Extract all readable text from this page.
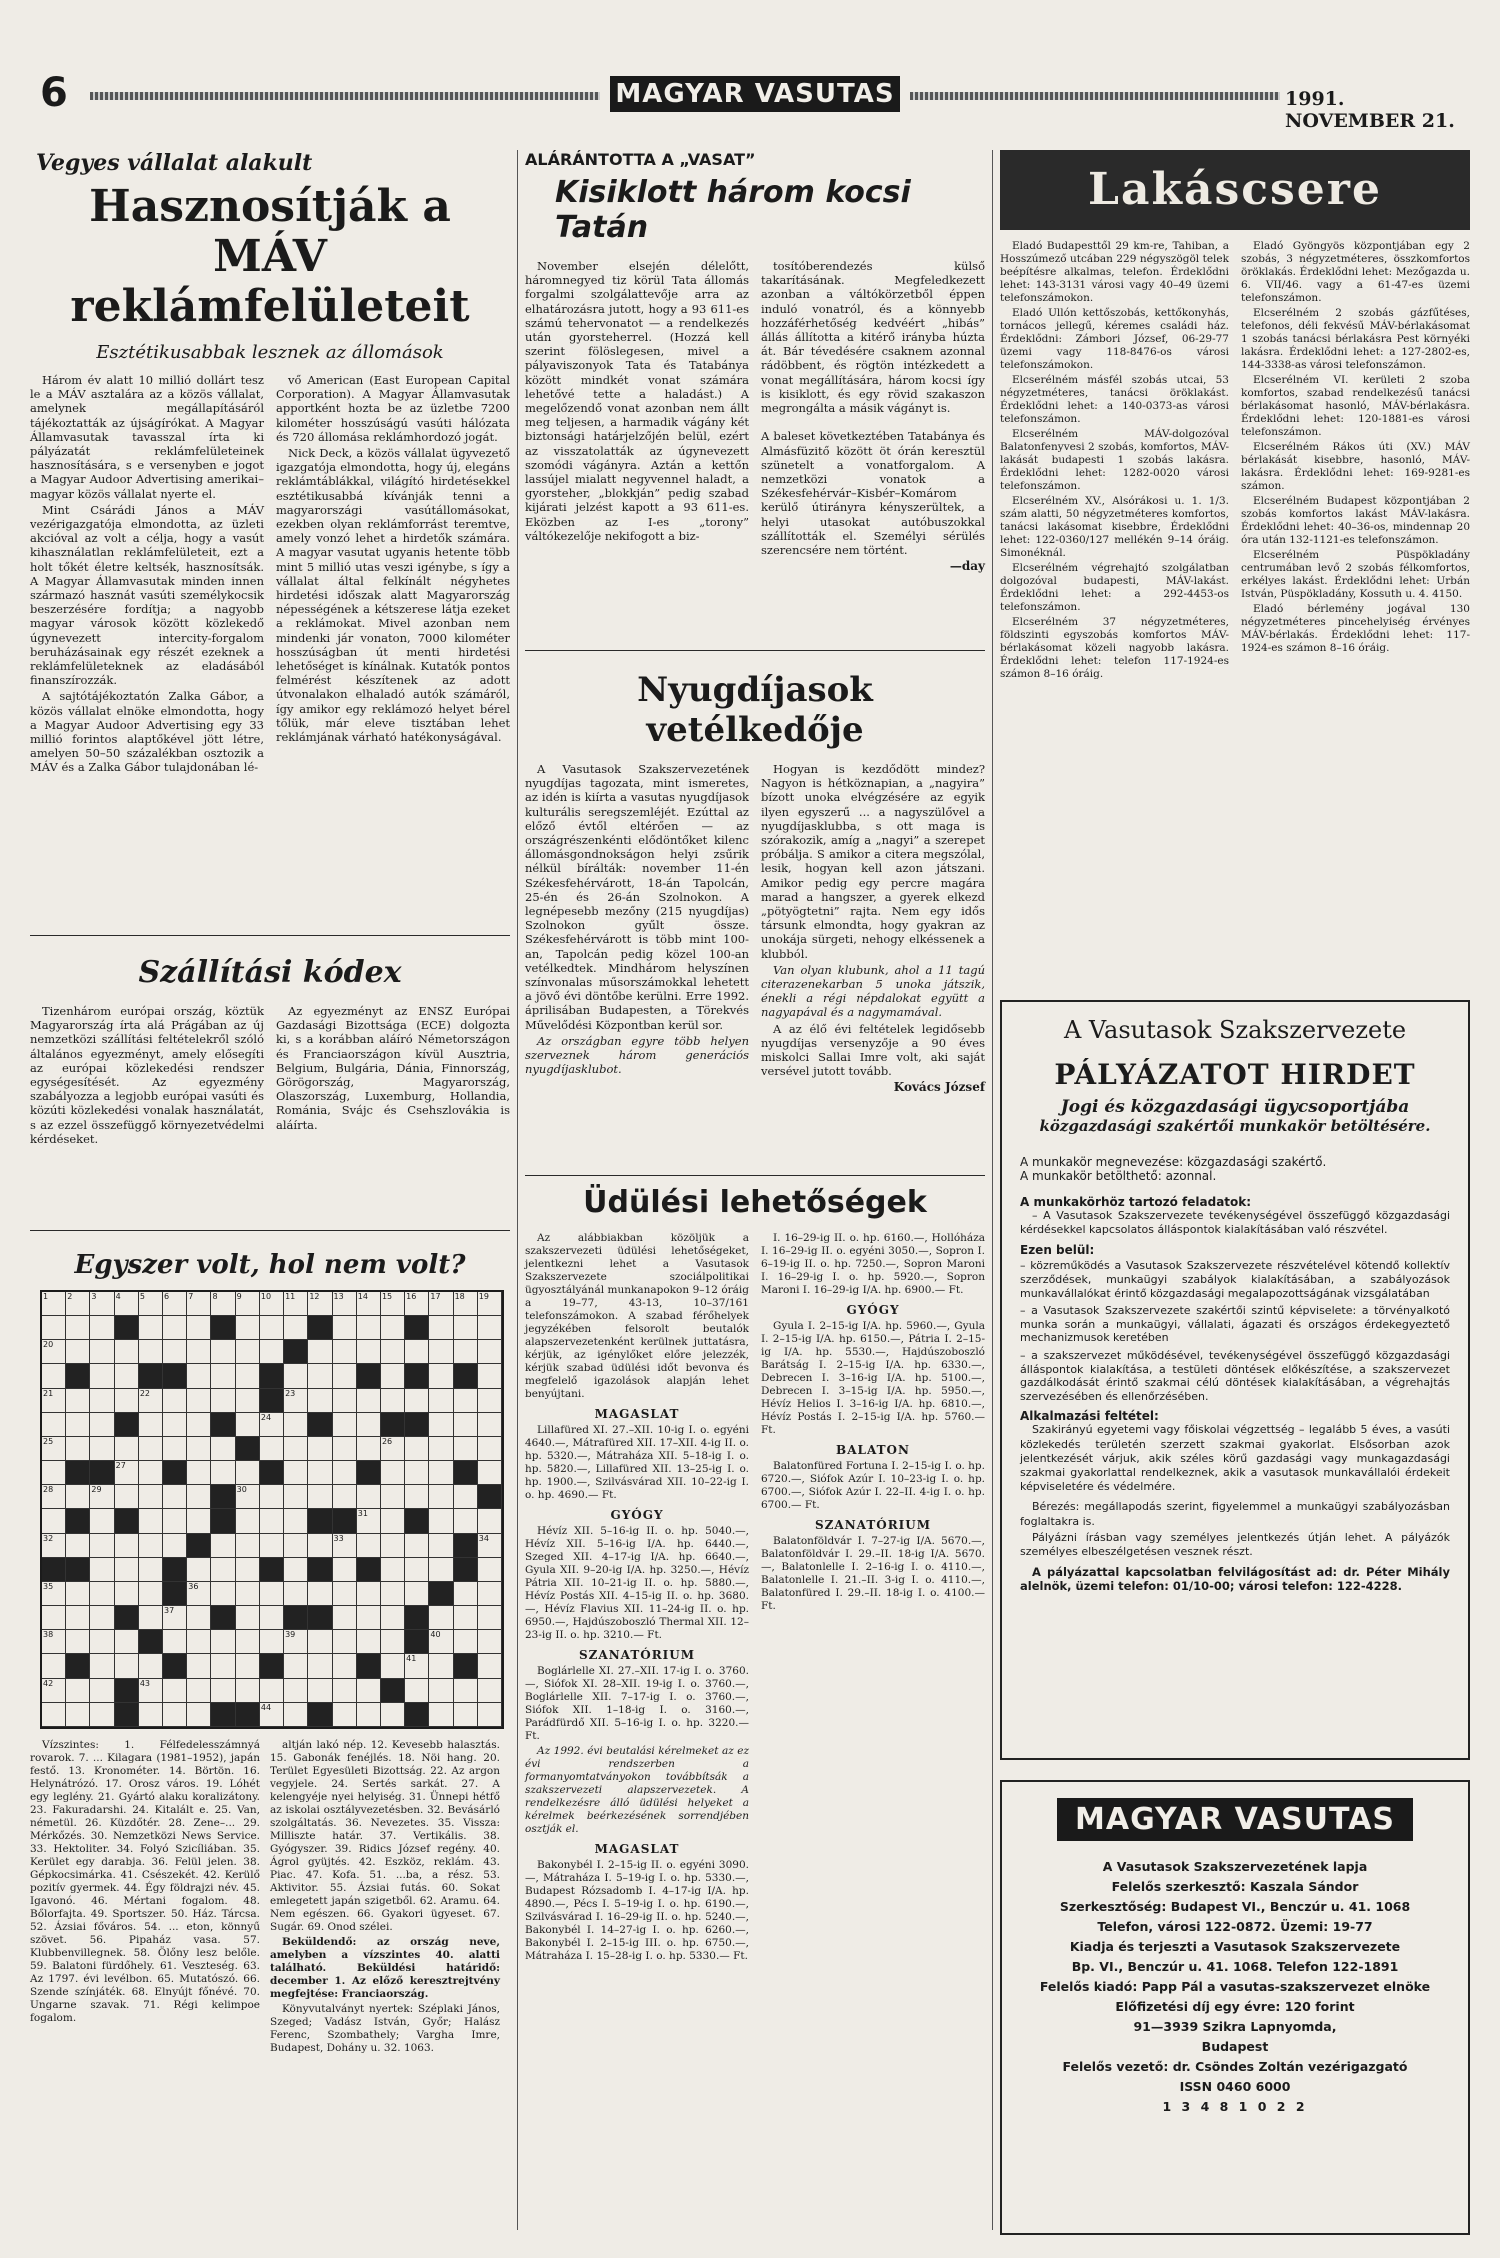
6	MAGYAR VASUTAS	1991. NOVEMBER 21.
Vegyes vállalat alakult
Hasznosítják a MÁV
reklámfelületeit
Esztétikusabbak lesznek az állomások

Három év alatt 10 millió dollárt tesz le a MÁV asztalára az a közös vállalat, amelynek megállapításáról tájékoztatták az újságírókat. A Magyar Államvasutak tavasszal írta ki pályázatát reklámfelületeinek hasznosítására, s e versenyben e jogot a Magyar Audoor Advertising amerikai–magyar közös vállalat nyerte el.

Mint Csárádi János a MÁV vezérigazgatója elmondotta, az üzleti akcióval az volt a célja, hogy a vasút kihasználatlan reklámfelületeit, ezt a holt tőkét életre keltsék, hasznosítsák. A Magyar Államvasutak minden innen származó hasznát vasúti személykocsik beszerzésére fordítja; a nagyobb magyar városok között közlekedő úgynevezett intercity-forgalom beruházásainak egy részét ezeknek a reklámfelületeknek az eladásából finanszírozzák.

A sajtótájékoztatón Zalka Gábor, a közös vállalat elnöke elmondotta, hogy a Magyar Audoor Advertising egy 33 millió forintos alaptőkével jött létre, amelyen 50–50 százalékban osztozik a MÁV és a Zalka Gábor tulajdonában lé-

vő American (East European Capital Corporation). A Magyar Államvasutak apportként hozta be az üzletbe 7200 kilométer hosszúságú vasúti hálózata és 720 állomása reklámhordozó jogát.

Nick Deck, a közös vállalat ügyvezető igazgatója elmondotta, hogy új, elegáns reklámtáblákkal, világító hirdetésekkel esztétikusabbá kívánják tenni a magyarországi vasútállomásokat, ezekben olyan reklámforrást teremtve, amely vonzó lehet a hirdetők számára. A magyar vasutat ugyanis hetente több mint 5 millió utas veszi igénybe, s így a vállalat által felkínált négyhetes hirdetési időszak alatt Magyarország népességének a kétszerese látja ezeket a reklámokat. Mivel azonban nem mindenki jár vonaton, 7000 kilométer hosszúságban út menti hirdetési lehetőséget is kínálnak. Kutatók pontos felmérést készítenek az adott útvonalakon elhaladó autók számáról, így amikor egy reklámozó helyet bérel tőlük, már eleve tisztában lehet reklámjának várható hatékonyságával.

Szállítási kódex

Tizenhárom európai ország, köztük Magyarország írta alá Prágában az új nemzetközi szállítási feltételekről szóló általános egyezményt, amely elősegíti az európai közlekedési rendszer egységesítését. Az egyezmény szabályozza a legjobb európai vasúti és közúti közlekedési vonalak használatát, s az ezzel összefüggő környezetvédelmi kérdéseket.

Az egyezményt az ENSZ Európai Gazdasági Bizottsága (ECE) dolgozta ki, s a korábban aláíró Németországon és Franciaországon kívül Ausztria, Belgium, Bulgária, Dánia, Finnország, Görögország, Magyarország, Olaszország, Luxemburg, Hollandia, Románia, Svájc és Csehszlovákia is aláírta.

Egyszer volt, hol nem volt?
1 2 3 4 5 6 7 8 9 10 11 12 13 14 15 16 17 18 19
20
21	22	23
24
25	26
27
28	29	30
31
32	33	34
35	36
37
38	39	40
41
42	43
44

Vízszintes: 1. Félfedelesszámnyá rovarok. 7. ... Kilagara (1981–1952), japán festő. 13. Kronométer. 14. Börtön. 16. Helynátrózó. 17. Orosz város. 19. Lóhét egy leglény. 21. Gyártó alaku koralizátony. 23. Fakuradarshi. 24. Kitalált e. 25. Van, németül. 26. Küzdőtér. 28. Zene–... 29. Mérkőzés. 30. Nemzetközi News Service. 33. Hektoliter. 34. Folyó Szicíliában. 35. Kerület egy darabja. 36. Felül jelen. 38. Gépkocsimárka. 41. Csészekét. 42. Kerülő pozitív gyermek. 44. Égy földrajzi név. 45. Igavonó. 46. Mértani fogalom. 48. Bőlorfajta. 49. Sportszer. 50. Ház. Tárcsa. 52. Ázsiai főváros. 54. ... eton, könnyű szövet. 56. Pipaház vasa. 57. Klubbenvillegnek. 58. Ölőny lesz belőle. 59. Balatoni fürdőhely. 61. Veszteség. 63. Az 1797. évi levélbon. 65. Mutatószó. 66. Szende színjáték. 68. Elnyújt főnévé. 70. Ungarne szavak. 71. Régi kelimpoe fogalom.

altján lakó nép. 12. Kevesebb halasztás. 15. Gabonák fenéjlés. 18. Nöi hang. 20. Terület Egyesületi Bizottság. 22. Az argon vegyjele. 24. Sertés sarkát. 27. A kelengyéje nyei helyiség. 31. Ünnepi hétfő az iskolai osztályvezetésben. 32. Bevásárló szolgáltatás. 36. Nevezetes. 35. Vissza: Milliszte határ. 37. Vertikális. 38. Gyógyszer. 39. Ridics József regény. 40. Ágrol gyüjtés. 42. Eszköz, reklám. 43. Piac. 47. Kofa. 51. ...ba, a rész. 53. Aktivitor. 55. Ázsiai futás. 60. Sokat emlegetett japán szigetből. 62. Aramu. 64. Nem egészen. 66. Gyakori ügyeset. 67. Sugár. 69. Onod szélei.

Beküldendő: az ország neve, amelyben a vízszintes 40. alatti található. Beküldési határidő: december 1. Az előző keresztrejtvény megfejtése: Franciaország.

Könyvutalványt nyertek: Széplaki János, Szeged; Vadász István, Győr; Halász Ferenc, Szombathely; Vargha Imre, Budapest, Dohány u. 32. 1063.

ALÁRÁNTOTTA A „VASAT”
Kisiklott három kocsi Tatán

November elsején délelőtt, háromnegyed tiz körül Tata állomás forgalmi szolgálattevője arra az elhatározásra jutott, hogy a 93 611-es számú tehervonatot — a rendelkezés után gyorsteherrel. (Hozzá kell szerint fölöslegesen, mivel a pályaviszonyok Tata és Tatabánya között mindkét vonat számára lehetővé tette a haladást.) A megelőzendő vonat azonban nem állt meg teljesen, a harmadik vágány két biztonsági határjelzőjén belül, ezért az visszatolatták az úgynevezett szomódi vágányra. Aztán a kettőn lassújel mialatt negyvennel haladt, a gyorsteher, „blokkján” pedig szabad kijárati jelzést kapott a 93 611-es. Eközben az I-es „torony” váltókezelője nekifogott a biz-

tosítóberendezés külső takarításának. Megfeledkezett azonban a váltókörzetből éppen induló vonatról, és a könnyebb hozzáférhetőség kedvéért „hibás” állás állította a kitérő irányba húzta át. Bár tévedésére csaknem azonnal rádöbbent, és rögtön intézkedett a vonat megállítására, három kocsi így is kisiklott, és egy rövid szakaszon megrongálta a másik vágányt is.

A baleset következtében Tatabánya és Almásfüzitő között öt órán keresztül szünetelt a vonatforgalom. A nemzetközi vonatok a Székesfehérvár–Kisbér–Komárom kerülő útirányra kényszerültek, a helyi utasokat autóbuszokkal szállították el. Személyi sérülés szerencsére nem történt.

—day
Nyugdíjasok vetélkedője

A Vasutasok Szakszervezetének nyugdíjas tagozata, mint ismeretes, az idén is kiírta a vasutas nyugdíjasok kulturális seregszemléjét. Ezúttal az előző évtől eltérően — az országrészenkénti elődöntőket kilenc állomásgondnokságon helyi zsűrik nélkül bírálták: november 11-én Székesfehérvárott, 18-án Tapolcán, 25-én és 26-án Szolnokon. A legnépesebb mezőny (215 nyugdíjas) Szolnokon gyűlt össze. Székesfehérvárott is több mint 100-an, Tapolcán pedig közel 100-an vetélkedtek. Mindhárom helyszínen színvonalas műsorszámokkal lehetett a jövő évi döntőbe kerülni. Erre 1992. áprilisában Budapesten, a Törekvés Művelődési Központban kerül sor.

Az országban egyre több helyen szerveznek három generációs nyugdíjasklubot.

Hogyan is kezdődött mindez? Nagyon is hétköznapian, a „nagyira” bízott unoka elvégzésére az egyik ilyen egyszerű ... a nagyszülővel a nyugdíjasklubba, s ott maga is szórakozik, amíg a „nagyi” a szerepet próbálja. S amikor a citera megszólal, lesik, hogyan kell azon játszani. Amikor pedig egy percre magára marad a hangszer, a gyerek elkezd „pötyögtetni” rajta. Nem egy idős társunk elmondta, hogy gyakran az unokája sürgeti, nehogy elkéssenek a klubból.

Van olyan klubunk, ahol a 11 tagú citerazenekarban 5 unoka játszik, énekli a régi népdalokat együtt a nagyapával és a nagymamával.

A az élő évi feltételek legidősebb nyugdíjas versenyzője a 90 éves miskolci Sallai Imre volt, aki saját versével jutott tovább.

Kovács József
Üdülési lehetőségek

Az alábbiakban közöljük a szakszervezeti üdülési lehetőségeket, jelentkezni lehet a Vasutasok Szakszervezete szociálpolitikai ügyosztályánál munkanapokon 9–12 óráig a 19–77, 43-13, 10–37/161 telefonszámokon. A szabad férőhelyek jegyzékében felsorolt beutalók alapszervezetenként kerülnek juttatásra, kérjük, az igénylőket előre jelezzék, kérjük szabad üdülési időt bevonva és megfelelő igazolások alapján lehet benyújtani.

MAGASLAT

Lillafüred XI. 27.–XII. 10-ig I. o. egyéni 4640.—, Mátrafüred XII. 17–XII. 4-ig II. o. hp. 5320.—, Mátraháza XII. 5–18-ig I. o. hp. 5820.—, Lillafüred XII. 13–25-ig I. o. hp. 1900.—, Szilvásvárad XII. 10–22-ig I. o. hp. 4690.— Ft.

GYÓGY

Hévíz XII. 5–16-ig II. o. hp. 5040.—, Hévíz XII. 5–16-ig I/A. hp. 6440.—, Szeged XII. 4–17-ig I/A. hp. 6640.—, Gyula XII. 9–20-ig I/A. hp. 3250.—, Hévíz Pátria XII. 10–21-ig II. o. hp. 5880.—, Hévíz Postás XII. 4–15-ig II. o. hp. 3680.—, Hévíz Flavius XII. 11–24-ig II. o. hp. 6950.—, Hajdúszoboszló Thermal XII. 12–23-ig II. o. hp. 3210.— Ft.

SZANATÓRIUM

Boglárlelle XI. 27.–XII. 17-ig I. o. 3760.—, Siófok XI. 28–XII. 19-ig I. o. 3760.—, Boglárlelle XII. 7–17-ig I. o. 3760.—, Siófok XII. 1–18-ig I. o. 3160.—, Parádfürdő XII. 5–16-ig I. o. hp. 3220.— Ft.

Az 1992. évi beutalási kérelmeket az ez évi rendszerben a formanyomtatványokon továbbítsák a szakszervezeti alapszervezetek. A rendelkezésre álló üdülési helyeket a kérelmek beérkezésének sorrendjében osztják el.

MAGASLAT

Bakonybél I. 2–15-ig II. o. egyéni 3090.—, Mátraháza I. 5–19-ig I. o. hp. 5330.—, Budapest Rózsadomb I. 4–17-ig I/A. hp. 4890.—, Pécs I. 5–19-ig I. o. hp. 6190.—, Szilvásvárad I. 16–29-ig II. o. hp. 5240.—, Bakonybél I. 14–27-ig I. o. hp. 6260.—, Bakonybél I. 2–15-ig III. o. hp. 6750.—, Mátraháza I. 15–28-ig I. o. hp. 5330.— Ft.

I. 16–29-ig II. o. hp. 6160.—, Hollóháza I. 16–29-ig II. o. egyéni 3050.—, Sopron I. 6–19-ig II. o. hp. 7250.—, Sopron Maroni I. 16–29-ig I. o. hp. 5920.—, Sopron Maroni I. 16–29-ig I/A. hp. 6900.— Ft.

GYÓGY

Gyula I. 2–15-ig I/A. hp. 5960.—, Gyula I. 2–15-ig I/A. hp. 6150.—, Pátria I. 2–15-ig I/A. hp. 5530.—, Hajdúszoboszló Barátság I. 2–15-ig I/A. hp. 6330.—, Debrecen I. 3–16-ig I/A. hp. 5100.—, Debrecen I. 3–15-ig I/A. hp. 5950.—, Hévíz Helios I. 3–16-ig I/A. hp. 6810.—, Hévíz Postás I. 2–15-ig I/A. hp. 5760.— Ft.

BALATON

Balatonfüred Fortuna I. 2–15-ig I. o. hp. 6720.—, Siófok Azúr I. 10–23-ig I. o. hp. 6700.—, Siófok Azúr I. 22–II. 4-ig I. o. hp. 6700.— Ft.

SZANATÓRIUM

Balatonföldvár I. 7–27-ig I/A. 5670.—, Balatonföldvár I. 29.–II. 18-ig I/A. 5670.—, Balatonlelle I. 2–16-ig I. o. 4110.—, Balatonlelle I. 21.–II. 3-ig I. o. 4110.—, Balatonfüred I. 29.–II. 18-ig I. o. 4100.— Ft.

Lakáscsere

Eladó Budapesttől 29 km-re, Tahiban, a Hosszúmező utcában 229 négyszögöl telek beépítésre alkalmas, telefon. Érdeklődni lehet: 143-3131 városi vagy 40–49 üzemi telefonszámokon.

Eladó Ullón kettőszobás, kettőkonyhás, tornácos jellegű, kéremes családi ház. Érdeklődni: Zámbori József, 06-29-77 üzemi vagy 118-8476-os városi telefonszámokon.

Elcserélném másfél szobás utcai, 53 négyzetméteres, tanácsi öröklakást. Érdeklődni lehet: a 140-0373-as városi telefonszámon.

Elcserélném MÁV-dolgozóval Balatonfenyvesi 2 szobás, komfortos, MÁV-lakását budapesti 1 szobás lakásra. Érdeklődni lehet: 1282-0020 városi telefonszámon.

Elcserélném XV., Alsórákosi u. 1. 1/3. szám alatti, 50 négyzetméteres komfortos, tanácsi lakásomat kisebbre, Érdeklődni lehet: 122-0360/127 mellékén 9–14 óráig. Simonéknál.

Elcserélném végrehajtó szolgálatban dolgozóval budapesti, MÁV-lakást. Érdeklődni lehet: a 292-4453-os telefonszámon.

Elcserélném 37 négyzetméteres, földszinti egyszobás komfortos MÁV-bérlakásomat közeli nagyobb lakásra. Érdeklődni lehet: telefon 117-1924-es számon 8–16 óráig.

Eladó Gyöngyös központjában egy 2 szobás, 3 négyzetméteres, összkomfortos öröklakás. Érdeklődni lehet: Mezőgazda u. 6. VII/46. vagy a 61-47-es üzemi telefonszámon.

Elcserélném 2 szobás gázfűtéses, telefonos, déli fekvésű MÁV-bérlakásomat 1 szobás tanácsi bérlakásra Pest környéki lakásra. Érdeklődni lehet: a 127-2802-es, 144-3338-as városi telefonszámon.

Elcserélném VI. kerületi 2 szoba komfortos, szabad rendelkezésű tanácsi bérlakásomat hasonló, MÁV-bérlakásra. Érdeklődni lehet: 120-1881-es városi telefonszámon.

Elcserélném Rákos úti (XV.) MÁV bérlakását kisebbre, hasonló, MÁV-lakásra. Érdeklődni lehet: 169-9281-es számon.

Elcserélném Budapest központjában 2 szobás komfortos lakást MÁV-lakásra. Érdeklődni lehet: 40–36-os, mindennap 20 óra után 132-1121-es telefonszámon.

Elcserélném Püspökladány centrumában levő 2 szobás félkomfortos, erkélyes lakást. Érdeklődni lehet: Urbán István, Püspökladány, Kossuth u. 4. 4150.

Eladó bérlemény jogával 130 négyzetméteres pincehelyiség érvényes MÁV-bérlakás. Érdeklődni lehet: 117-1924-es számon 8–16 óráig.

A Vasutasok Szakszervezete
PÁLYÁZATOT HIRDET
Jogi és közgazdasági ügycsoportjába
közgazdasági szakértői munkakör betöltésére.
A munkakör megnevezése: közgazdasági szakértő.
A munkakör betölthető: azonnal.
A munkakörhöz tartozó feladatok:

– A Vasutasok Szakszervezete tevékenységével összefüggő közgazdasági kérdésekkel kapcsolatos álláspontok kialakításában való részvétel.

Ezen belül:
– közreműködés a Vasutasok Szakszervezete részvételével kötendő kollektív szerződések, munkaügyi szabályok kialakításában, a szabályozások munkavállalókat érintő közgazdasági megalapozottságának vizsgálatában
– a Vasutasok Szakszervezete szakértői szintű képviselete: a törvényalkotó munka során a munkaügyi, vállalati, ágazati és országos érdekegyeztető mechanizmusok keretében
– a szakszervezet működésével, tevékenységével összefüggő közgazdasági álláspontok kialakítása, a testületi döntések előkészítése, a szakszervezet gazdálkodását érintő szakmai célú döntések kialakításában, a végrehajtás szervezésében és ellenőrzésében.
Alkalmazási feltétel:

Szakirányú egyetemi vagy főiskolai végzettség – legalább 5 éves, a vasúti közlekedés területén szerzett szakmai gyakorlat. Elsősorban azok jelentkezését várjuk, akik széles körű gazdasági vagy munkagazdasági szakmai gyakorlattal rendelkeznek, akik a vasutasok munkavállalói érdekeit képviseletére és védelmére.

Bérezés: megállapodás szerint, figyelemmel a munkaügyi szabályozásban foglaltakra is.

Pályázni írásban vagy személyes jelentkezés útján lehet. A pályázók személyes elbeszélgetésen vesznek részt.

A pályázattal kapcsolatban felvilágosítást ad: dr. Péter Mihály alelnök, üzemi telefon: 01/10-00; városi telefon: 122-4228.

MAGYAR VASUTAS
A Vasutasok Szakszervezetének lapja
Felelős szerkesztő: Kaszala Sándor
Szerkesztőség: Budapest VI., Benczúr u. 41. 1068
Telefon, városi 122-0872. Üzemi: 19-77
Kiadja és terjeszti a Vasutasok Szakszervezete
Bp. VI., Benczúr u. 41. 1068. Telefon 122-1891
Felelős kiadó: Papp Pál a vasutas-szakszervezet elnöke
Előfizetési díj egy évre: 120 forint
91—3939 Szikra Lapnyomda,
Budapest
Felelős vezető: dr. Csöndes Zoltán vezérigazgató
ISSN 0460 6000
1 3 4 8 1 0 2 2
